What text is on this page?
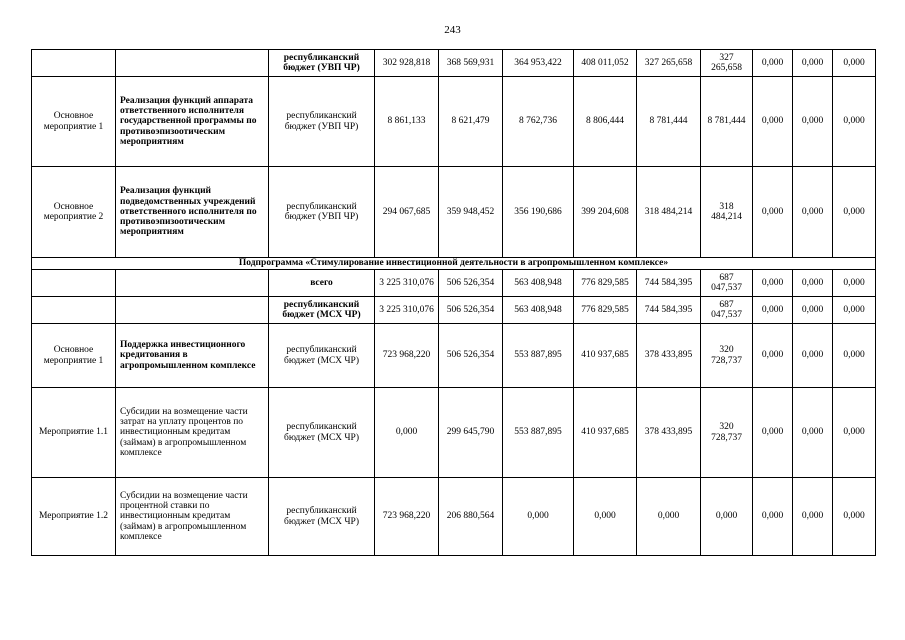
243
		республиканский бюджет (УВП ЧР)	302 928,818	368 569,931	364 953,422	408 011,052	327 265,658	327 265,658	0,000	0,000	0,000
Основное мероприятие 1	Реализация функций аппарата ответственного исполнителя государственной программы по противоэпизоотическим мероприятиям	республиканский бюджет (УВП ЧР)	8 861,133	8 621,479	8 762,736	8 806,444	8 781,444	8 781,444	0,000	0,000	0,000
Основное мероприятие 2	Реализация функций подведомственных учреждений ответственного исполнителя по противоэпизоотическим мероприятиям	республиканский бюджет (УВП ЧР)	294 067,685	359 948,452	356 190,686	399 204,608	318 484,214	318 484,214	0,000	0,000	0,000
Подпрограмма «Стимулирование инвестиционной деятельности в агропромышленном комплексе»											
		всего	3 225 310,076	506 526,354	563 408,948	776 829,585	744 584,395	687 047,537	0,000	0,000	0,000
		республиканский бюджет (МСХ ЧР)	3 225 310,076	506 526,354	563 408,948	776 829,585	744 584,395	687 047,537	0,000	0,000	0,000
Основное мероприятие 1	Поддержка инвестиционного кредитования в агропромышленном комплексе	республиканский бюджет (МСХ ЧР)	723 968,220	506 526,354	553 887,895	410 937,685	378 433,895	320 728,737	0,000	0,000	0,000
Мероприятие 1.1	Субсидии на возмещение части затрат на уплату процентов по инвестиционным кредитам (займам) в агропромышленном комплексе	республиканский бюджет (МСХ ЧР)	0,000	299 645,790	553 887,895	410 937,685	378 433,895	320 728,737	0,000	0,000	0,000
Мероприятие 1.2	Субсидии на возмещение части процентной ставки по инвестиционным кредитам (займам) в агропромышленном комплексе	республиканский бюджет (МСХ ЧР)	723 968,220	206 880,564	0,000	0,000	0,000	0,000	0,000	0,000	0,000
